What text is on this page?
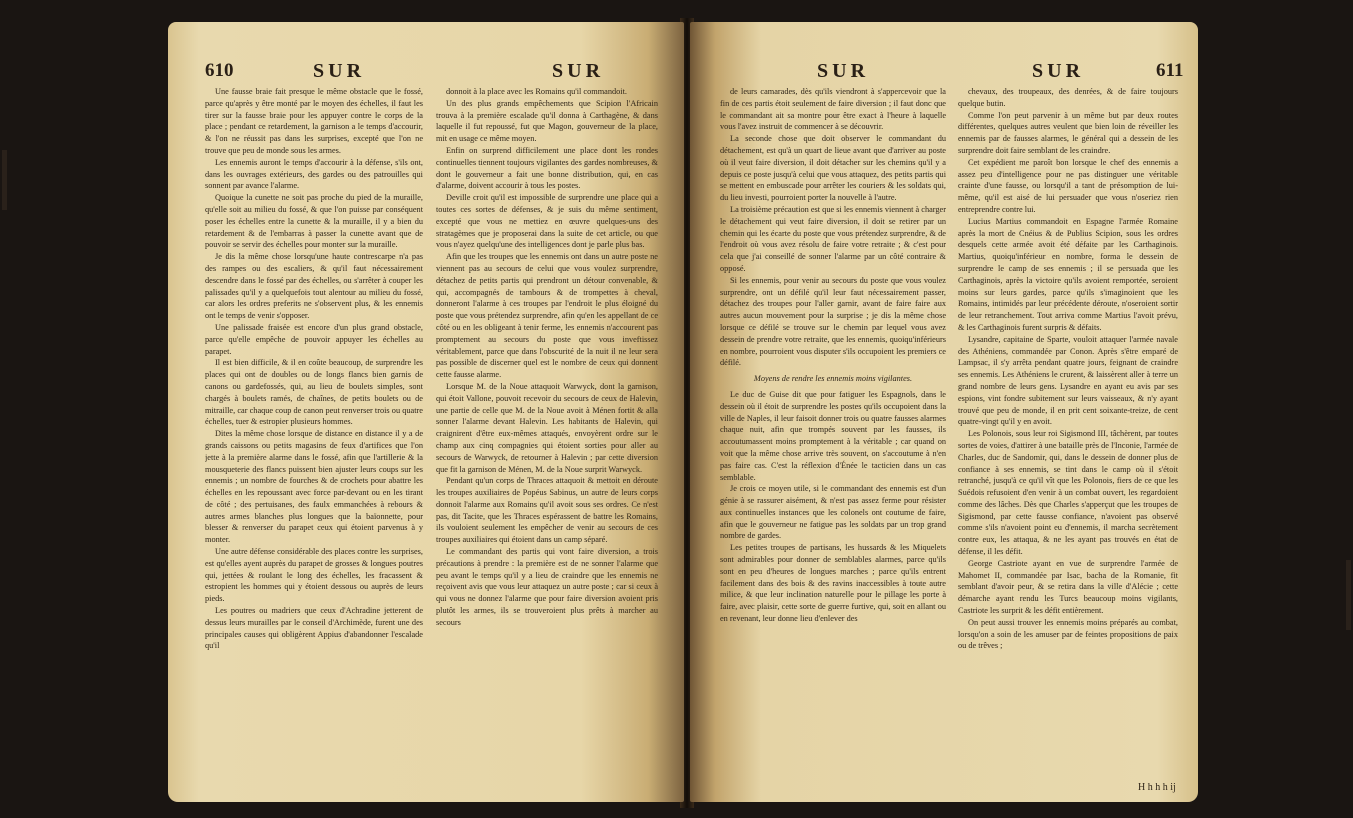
610	SUR	SUR

Une fausse braie fait presque le même obstacle que le fossé, parce qu'après y être monté par le moyen des échelles, il faut les tirer sur la fausse braie pour les appuyer contre le corps de la place ; pendant ce retardement, la garnison a le temps d'accourir, & l'on ne réussit pas dans les surprises, excepté que l'on ne trouve que peu de monde sous les armes.

Les ennemis auront le temps d'accourir à la défense, s'ils ont, dans les ouvrages extérieurs, des gardes ou des patrouilles qui sonnent par avance l'alarme.

Quoique la cunette ne soit pas proche du pied de la muraille, qu'elle soit au milieu du fossé, & que l'on puisse par conséquent poser les échelles entre la cunette & la muraille, il y a bien du retardement & de l'embarras à passer la cunette avant que de pouvoir se servir des échelles pour monter sur la muraille.

Je dis la même chose lorsqu'une haute contrescarpe n'a pas des rampes ou des escaliers, & qu'il faut nécessairement descendre dans le fossé par des échelles, ou s'arrêter à couper les palissades qu'il y a quelquefois tout alentour au milieu du fossé, car alors les ordres preferits ne s'observent plus, & les ennemis ont le temps de venir s'opposer.

Une palissade fraisée est encore d'un plus grand obstacle, parce qu'elle empêche de pouvoir appuyer les échelles au parapet.

Il est bien difficile, & il en coûte beaucoup, de surprendre les places qui ont de doubles ou de longs flancs bien garnis de canons ou gardefossés, qui, au lieu de boulets simples, sont chargés à boulets ramés, de chaînes, de petits boulets ou de mitraille, car chaque coup de canon peut renverser trois ou quatre échelles, tuer & estropier plusieurs hommes.

Dites la même chose lorsque de distance en distance il y a de grands caissons ou petits magasins de feux d'artifices que l'on jette à la première alarme dans le fossé, afin que l'artillerie & la mousqueterie des flancs puissent bien ajuster leurs coups sur les ennemis ; un nombre de fourches & de crochets pour abattre les échelles en les repoussant avec force par-devant ou en les tirant de côté ; des pertuisanes, des faulx emmanchées à rebours & autres armes blanches plus longues que la baïonnette, pour blesser & renverser du parapet ceux qui étoient parvenus à y monter.

Une autre défense considérable des places contre les surprises, est qu'elles ayent auprès du parapet de grosses & longues poutres qui, jettées & roulant le long des échelles, les fracassent & estropient les hommes qui y étoient dessous ou auprès de leurs pieds.

Les poutres ou madriers que ceux d'Achradine jetterent de dessus leurs murailles par le conseil d'Archimède, furent une des principales causes qui obligèrent Appius d'abandonner l'escalade qu'il

donnoit à la place avec les Romains qu'il commandoit.

Un des plus grands empêchements que Scipion l'Africain trouva à la première escalade qu'il donna à Carthagène, & dans laquelle il fut repoussé, fut que Magon, gouverneur de la place, mit en usage ce même moyen.

Enfin on surprend difficilement une place dont les rondes continuelles tiennent toujours vigilantes des gardes nombreuses, & dont le gouverneur a fait une bonne distribution, qui, en cas d'alarme, doivent accourir à tous les postes.

Deville croit qu'il est impossible de surprendre une place qui a toutes ces sortes de défenses, & je suis du même sentiment, excepté que vous ne mettiez en œuvre quelques-uns des stratagèmes que je proposerai dans la suite de cet article, ou que vous n'ayez quelqu'une des intelligences dont je parle plus bas.

Afin que les troupes que les ennemis ont dans un autre poste ne viennent pas au secours de celui que vous voulez surprendre, détachez de petits partis qui prendront un détour convenable, & qui, accompagnés de tambours & de trompettes à cheval, donneront l'alarme à ces troupes par l'endroit le plus éloigné du poste que vous prétendez surprendre, afin qu'en les appellant de ce côté ou en les obligeant à tenir ferme, les ennemis n'accourent pas promptement au secours du poste que vous inveftissez véritablement, parce que dans l'obscurité de la nuit il ne leur sera pas possible de discerner quel est le nombre de ceux qui donnent cette fausse alarme.

Lorsque M. de la Noue attaquoit Warwyck, dont la garnison, qui étoit Vallone, pouvoit recevoir du secours de ceux de Halevin, une partie de celle que M. de la Noue avoit à Ménen fortit & alla sonner l'alarme devant Halevin. Les habitants de Halevin, qui craignirent d'être eux-mêmes attaqués, envoyèrent ordre sur le champ aux cinq compagnies qui étoient sorties pour aller au secours de Warwyck, de retourner à Halevin ; par cette diversion que fit la garnison de Ménen, M. de la Noue surprit Warwyck.

Pendant qu'un corps de Thraces attaquoit & mettoit en déroute les troupes auxiliaires de Popéus Sabinus, un autre de leurs corps donnoit l'alarme aux Romains qu'il avoit sous ses ordres. Ce n'est pas, dit Tacite, que les Thraces espérassent de battre les Romains, ils vouloient seulement les empêcher de venir au secours de ces troupes auxiliaires qui étoient dans un camp séparé.

Le commandant des partis qui vont faire diversion, a trois précautions à prendre : la première est de ne sonner l'alarme que peu avant le temps qu'il y a lieu de craindre que les ennemis ne reçoivent avis que vous leur attaquez un autre poste ; car si ceux à qui vous ne donnez l'alarme que pour faire diversion avoient pris plutôt les armes, ils se trouveroient plus prêts à marcher au secours

SUR	SUR	611

de leurs camarades, dès qu'ils viendront à s'appercevoir que la fin de ces partis étoit seulement de faire diversion ; il faut donc que le commandant ait sa montre pour être exact à l'heure à laquelle vous l'avez instruit de commencer à se découvrir.

La seconde chose que doit observer le commandant du détachement, est qu'à un quart de lieue avant que d'arriver au poste où il veut faire diversion, il doit détacher sur les chemins qu'il y a depuis ce poste jusqu'à celui que vous attaquez, des petits partis qui se mettent en embuscade pour arrêter les couriers & les soldats qui, du lieu investi, pourroient porter la nouvelle à l'autre.

La troisième précaution est que si les ennemis viennent à charger le détachement qui veut faire diversion, il doit se retirer par un chemin qui les écarte du poste que vous prétendez surprendre, & de l'endroit où vous avez résolu de faire votre retraite ; & c'est pour cela que j'ai conseillé de sonner l'alarme par un côté contraire & opposé.

Si les ennemis, pour venir au secours du poste que vous voulez surprendre, ont un défilé qu'il leur faut nécessairement passer, détachez des troupes pour l'aller garnir, avant de faire faire aux autres aucun mouvement pour la surprise ; je dis la même chose lorsque ce défilé se trouve sur le chemin par lequel vous avez dessein de prendre votre retraite, que les ennemis, quoiqu'inférieurs en nombre, pourroient vous disputer s'ils occupoient les premiers ce défilé.

Moyens de rendre les ennemis moins vigilantes.

Le duc de Guise dit que pour fatiguer les Espagnols, dans le dessein où il étoit de surprendre les postes qu'ils occupoient dans la ville de Naples, il leur faisoit donner trois ou quatre fausses alarmes chaque nuit, afin que trompés souvent par les fausses, ils accoutumassent moins promptement à la véritable ; car quand on voit que la même chose arrive très souvent, on s'accoutume à n'en pas faire cas. C'est la réflexion d'Énée le tacticien dans un cas semblable.

Je crois ce moyen utile, si le commandant des ennemis est d'un génie à se rassurer aisément, & n'est pas assez ferme pour résister aux continuelles instances que les colonels ont coutume de faire, afin que le gouverneur ne fatigue pas les soldats par un trop grand nombre de gardes.

Les petites troupes de partisans, les hussards & les Miquelets sont admirables pour donner de semblables alarmes, parce qu'ils sont en peu d'heures de longues marches ; parce qu'ils entrent facilement dans des bois & des ravins inaccessibles à toute autre milice, & que leur inclination naturelle pour le pillage les porte à faire, avec plaisir, cette sorte de guerre furtive, qui, soit en allant ou en revenant, leur donne lieu d'enlever des

chevaux, des troupeaux, des denrées, & de faire toujours quelque butin.

Comme l'on peut parvenir à un même but par deux routes différentes, quelques autres veulent que bien loin de réveiller les ennemis par de fausses alarmes, le général qui a dessein de les surprendre doit faire semblant de les craindre.

Cet expédient me paroît bon lorsque le chef des ennemis a assez peu d'intelligence pour ne pas distinguer une véritable crainte d'une fausse, ou lorsqu'il a tant de présomption de lui-même, qu'il est aisé de lui persuader que vous n'oseriez rien entreprendre contre lui.

Lucius Martius commandoit en Espagne l'armée Romaine après la mort de Cnéius & de Publius Scipion, sous les ordres desquels cette armée avoit été défaite par les Carthaginois. Martius, quoiqu'inférieur en nombre, forma le dessein de surprendre le camp de ses ennemis ; il se persuada que les Carthaginois, après la victoire qu'ils avoient remportée, seroient moins sur leurs gardes, parce qu'ils s'imaginoient que les Romains, intimidés par leur précédente déroute, n'oseroient sortir de leur retranchement. Tout arriva comme Martius l'avoit prévu, & les Carthaginois furent surpris & défaits.

Lysandre, capitaine de Sparte, vouloit attaquer l'armée navale des Athéniens, commandée par Conon. Après s'être emparé de Lampsac, il s'y arrêta pendant quatre jours, feignant de craindre ses ennemis. Les Athéniens le crurent, & laissèrent aller à terre un grand nombre de leurs gens. Lysandre en ayant eu avis par ses espions, vint fondre subitement sur leurs vaisseaux, & n'y ayant trouvé que peu de monde, il en prit cent soixante-treize, de cent quatre-vingt qu'il y en avoit.

Les Polonois, sous leur roi Sigismond III, tâchèrent, par toutes sortes de voies, d'attirer à une bataille près de l'Inconie, l'armée de Charles, duc de Sandomir, qui, dans le dessein de donner plus de confiance à ses ennemis, se tint dans le camp où il s'étoit retranché, jusqu'à ce qu'il vît que les Polonois, fiers de ce que les Suédois refusoient d'en venir à un combat ouvert, les regardoient comme des lâches. Dès que Charles s'apperçut que les troupes de Sigismond, par cette fausse confiance, n'avoient pas observé comme s'ils n'avoient point eu d'ennemis, il marcha secrètement contre eux, les attaqua, & ne les ayant pas trouvés en état de défense, il les défit.

George Castriote ayant en vue de surprendre l'armée de Mahomet II, commandée par Isac, bacha de la Romanie, fit semblant d'avoir peur, & se retira dans la ville d'Alécie ; cette démarche ayant rendu les Turcs beaucoup moins vigilants, Castriote les surprit & les défit entièrement.

On peut aussi trouver les ennemis moins préparés au combat, lorsqu'on a soin de les amuser par de feintes propositions de paix ou de trêves ;

H h h h ij
